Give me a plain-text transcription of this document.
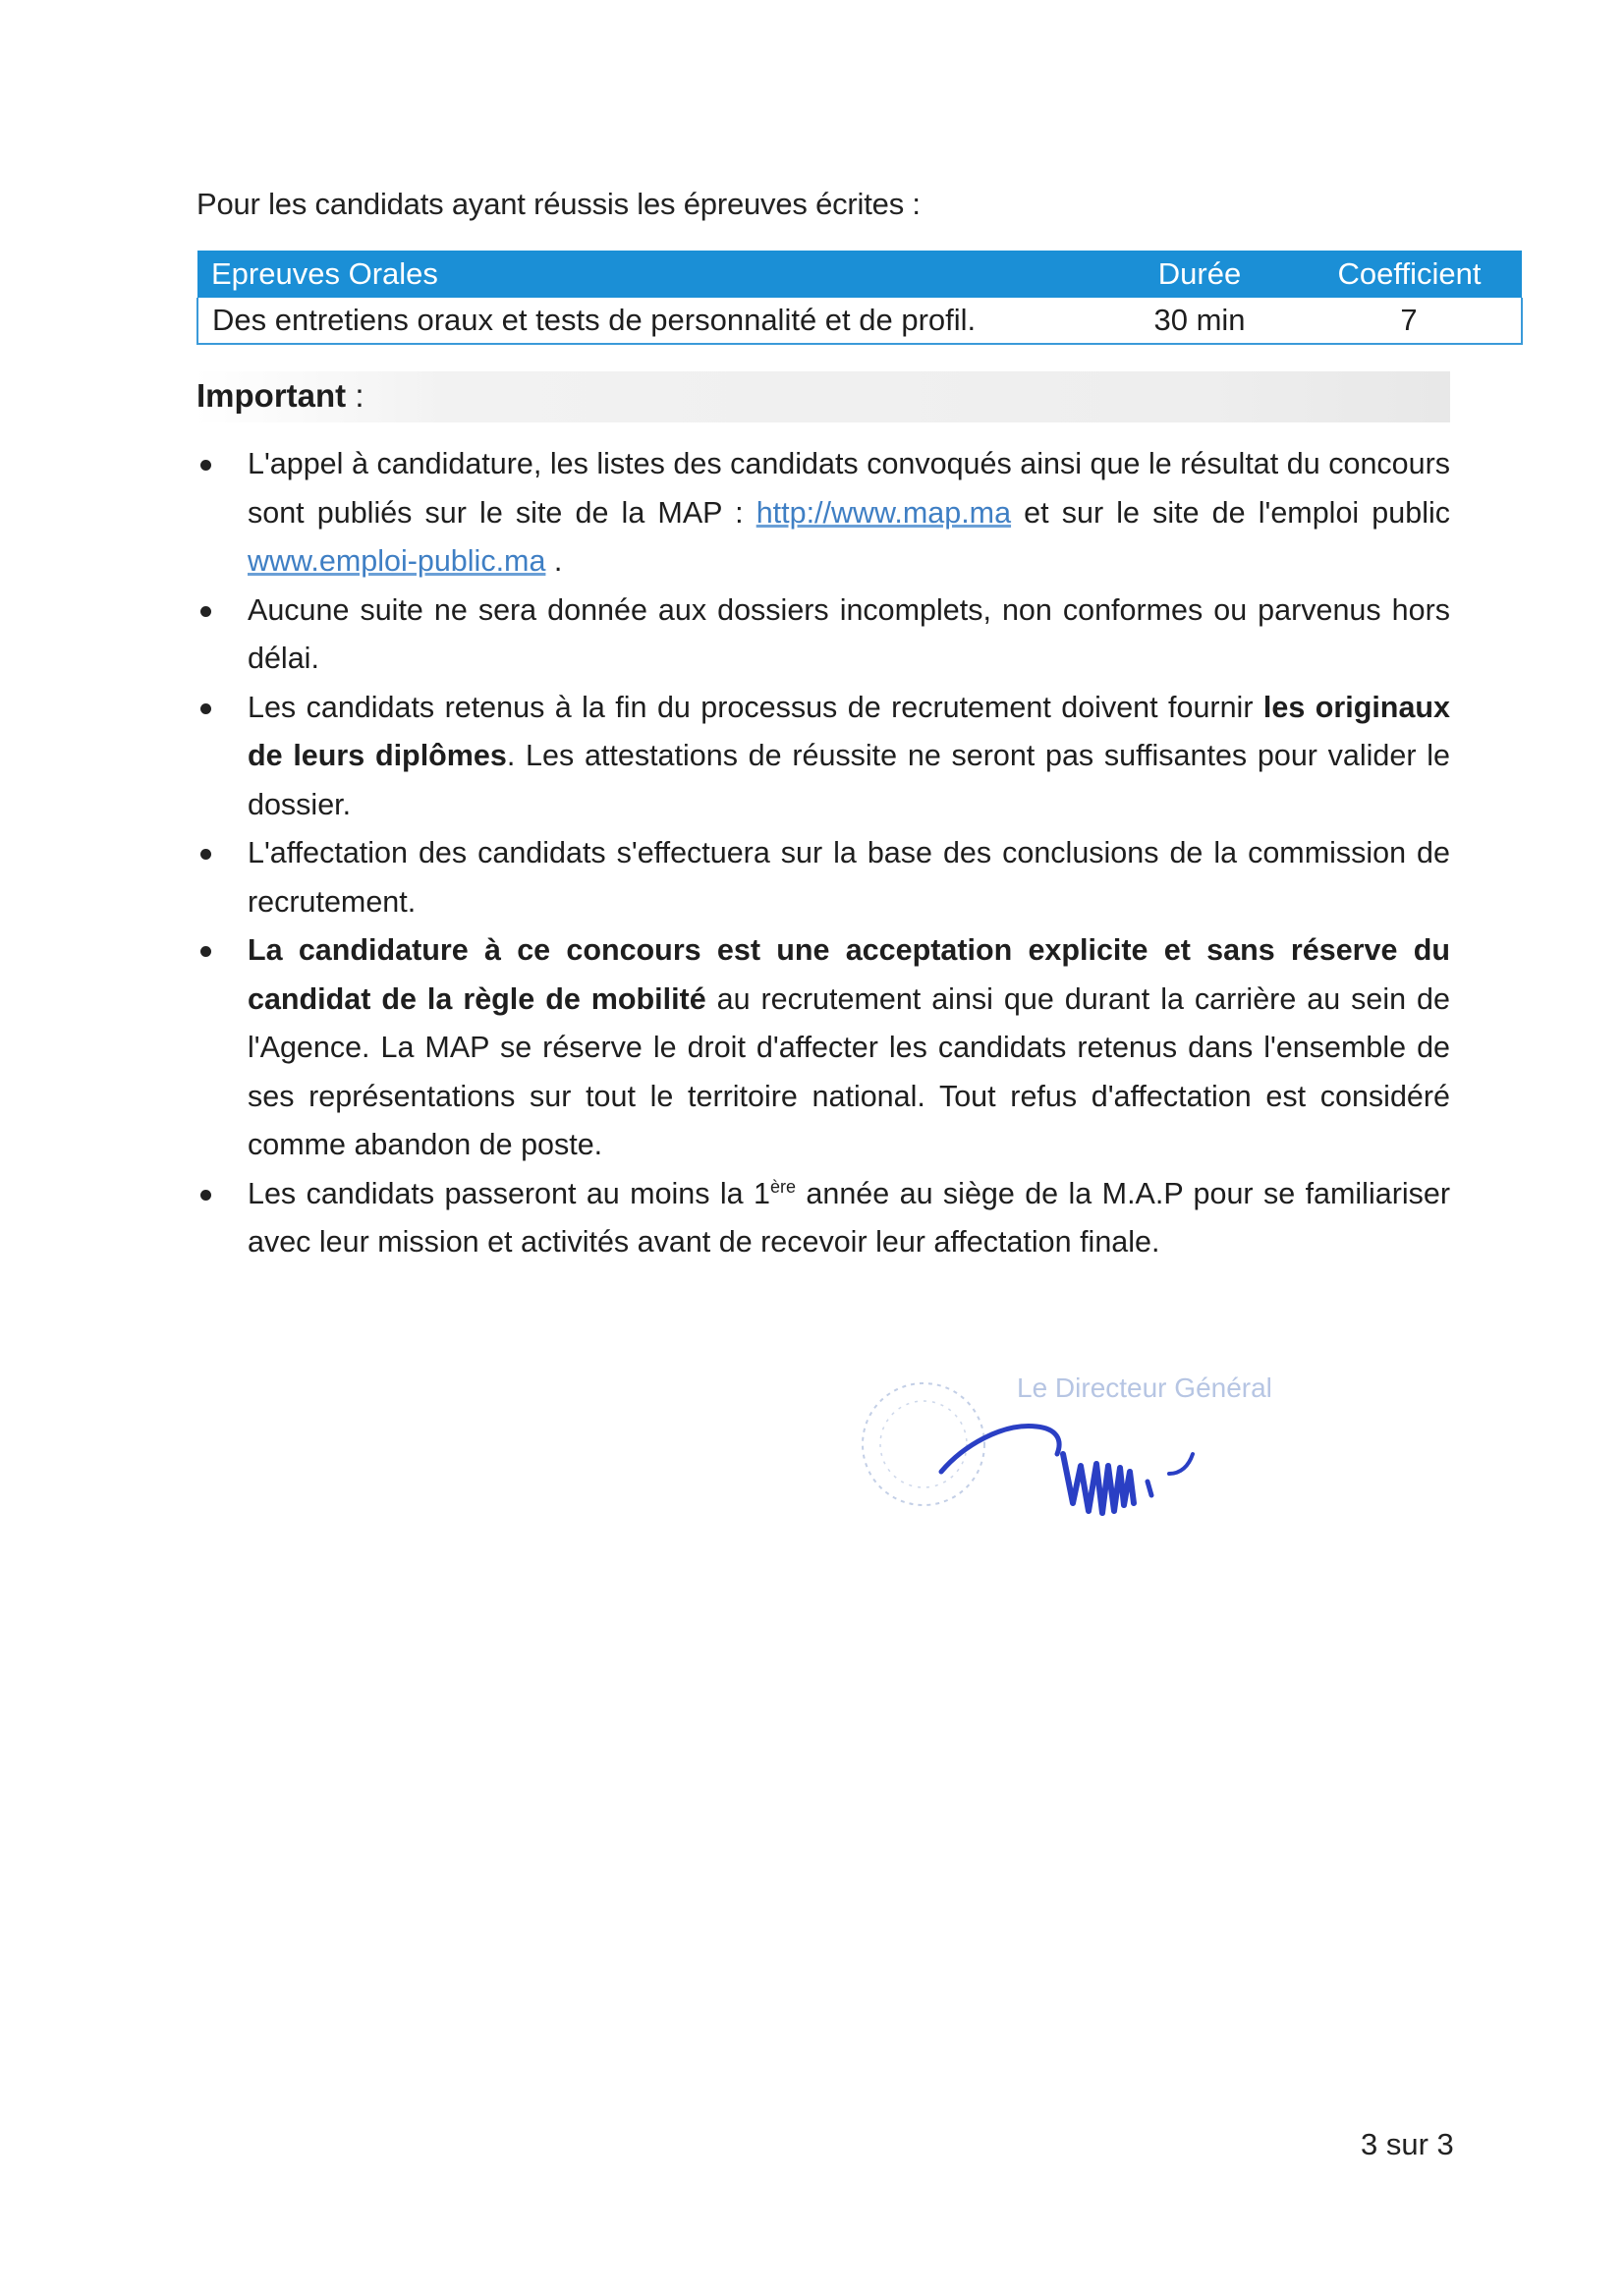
Pour les candidats ayant réussis les épreuves écrites :
Epreuves Orales	Durée	Coefficient
Des entretiens oraux et tests de personnalité et de profil.	30 min	7
Important :
L'appel à candidature, les listes des candidats convoqués ainsi que le résultat du concours sont publiés sur le site de la MAP : http://www.map.ma et sur le site de l'emploi public www.emploi-public.ma .
Aucune suite ne sera donnée aux dossiers incomplets, non conformes ou parvenus hors délai.
Les candidats retenus à la fin du processus de recrutement doivent fournir les originaux de leurs diplômes. Les attestations de réussite ne seront pas suffisantes pour valider le dossier.
L'affectation des candidats s'effectuera sur la base des conclusions de la commission de recrutement.
La candidature à ce concours est une acceptation explicite et sans réserve du candidat de la règle de mobilité au recrutement ainsi que durant la carrière au sein de l'Agence. La MAP se réserve le droit d'affecter les candidats retenus dans l'ensemble de ses représentations sur tout le territoire national. Tout refus d'affectation est considéré comme abandon de poste.
Les candidats passeront au moins la 1ère année au siège de la M.A.P pour se familiariser avec leur mission et activités avant de recevoir leur affectation finale.
Le Directeur Général
3 sur 3
